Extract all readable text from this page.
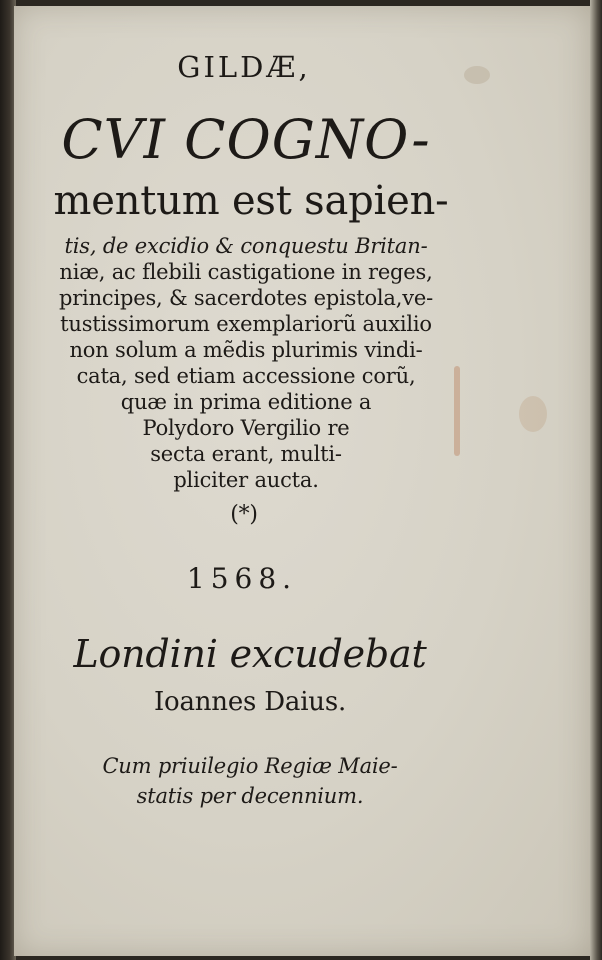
GILDÆ,
CVI COGNO-
mentum est sapien-
tis, de excidio & conquestu Britan-
niæ, ac flebili castigatione in reges,
principes, & sacerdotes epistola,ve-
tustissimorum exemplariorũ auxilio
non solum a mẽdis plurimis vindi-
cata, sed etiam accessione corũ,
quæ in prima editione a
Polydoro Vergilio re
secta erant, multi-
pliciter aucta.
(*)
1568.
Londini excudebat
Ioannes Daius.
Cum priuilegio Regiæ Maie-
statis per decennium.
